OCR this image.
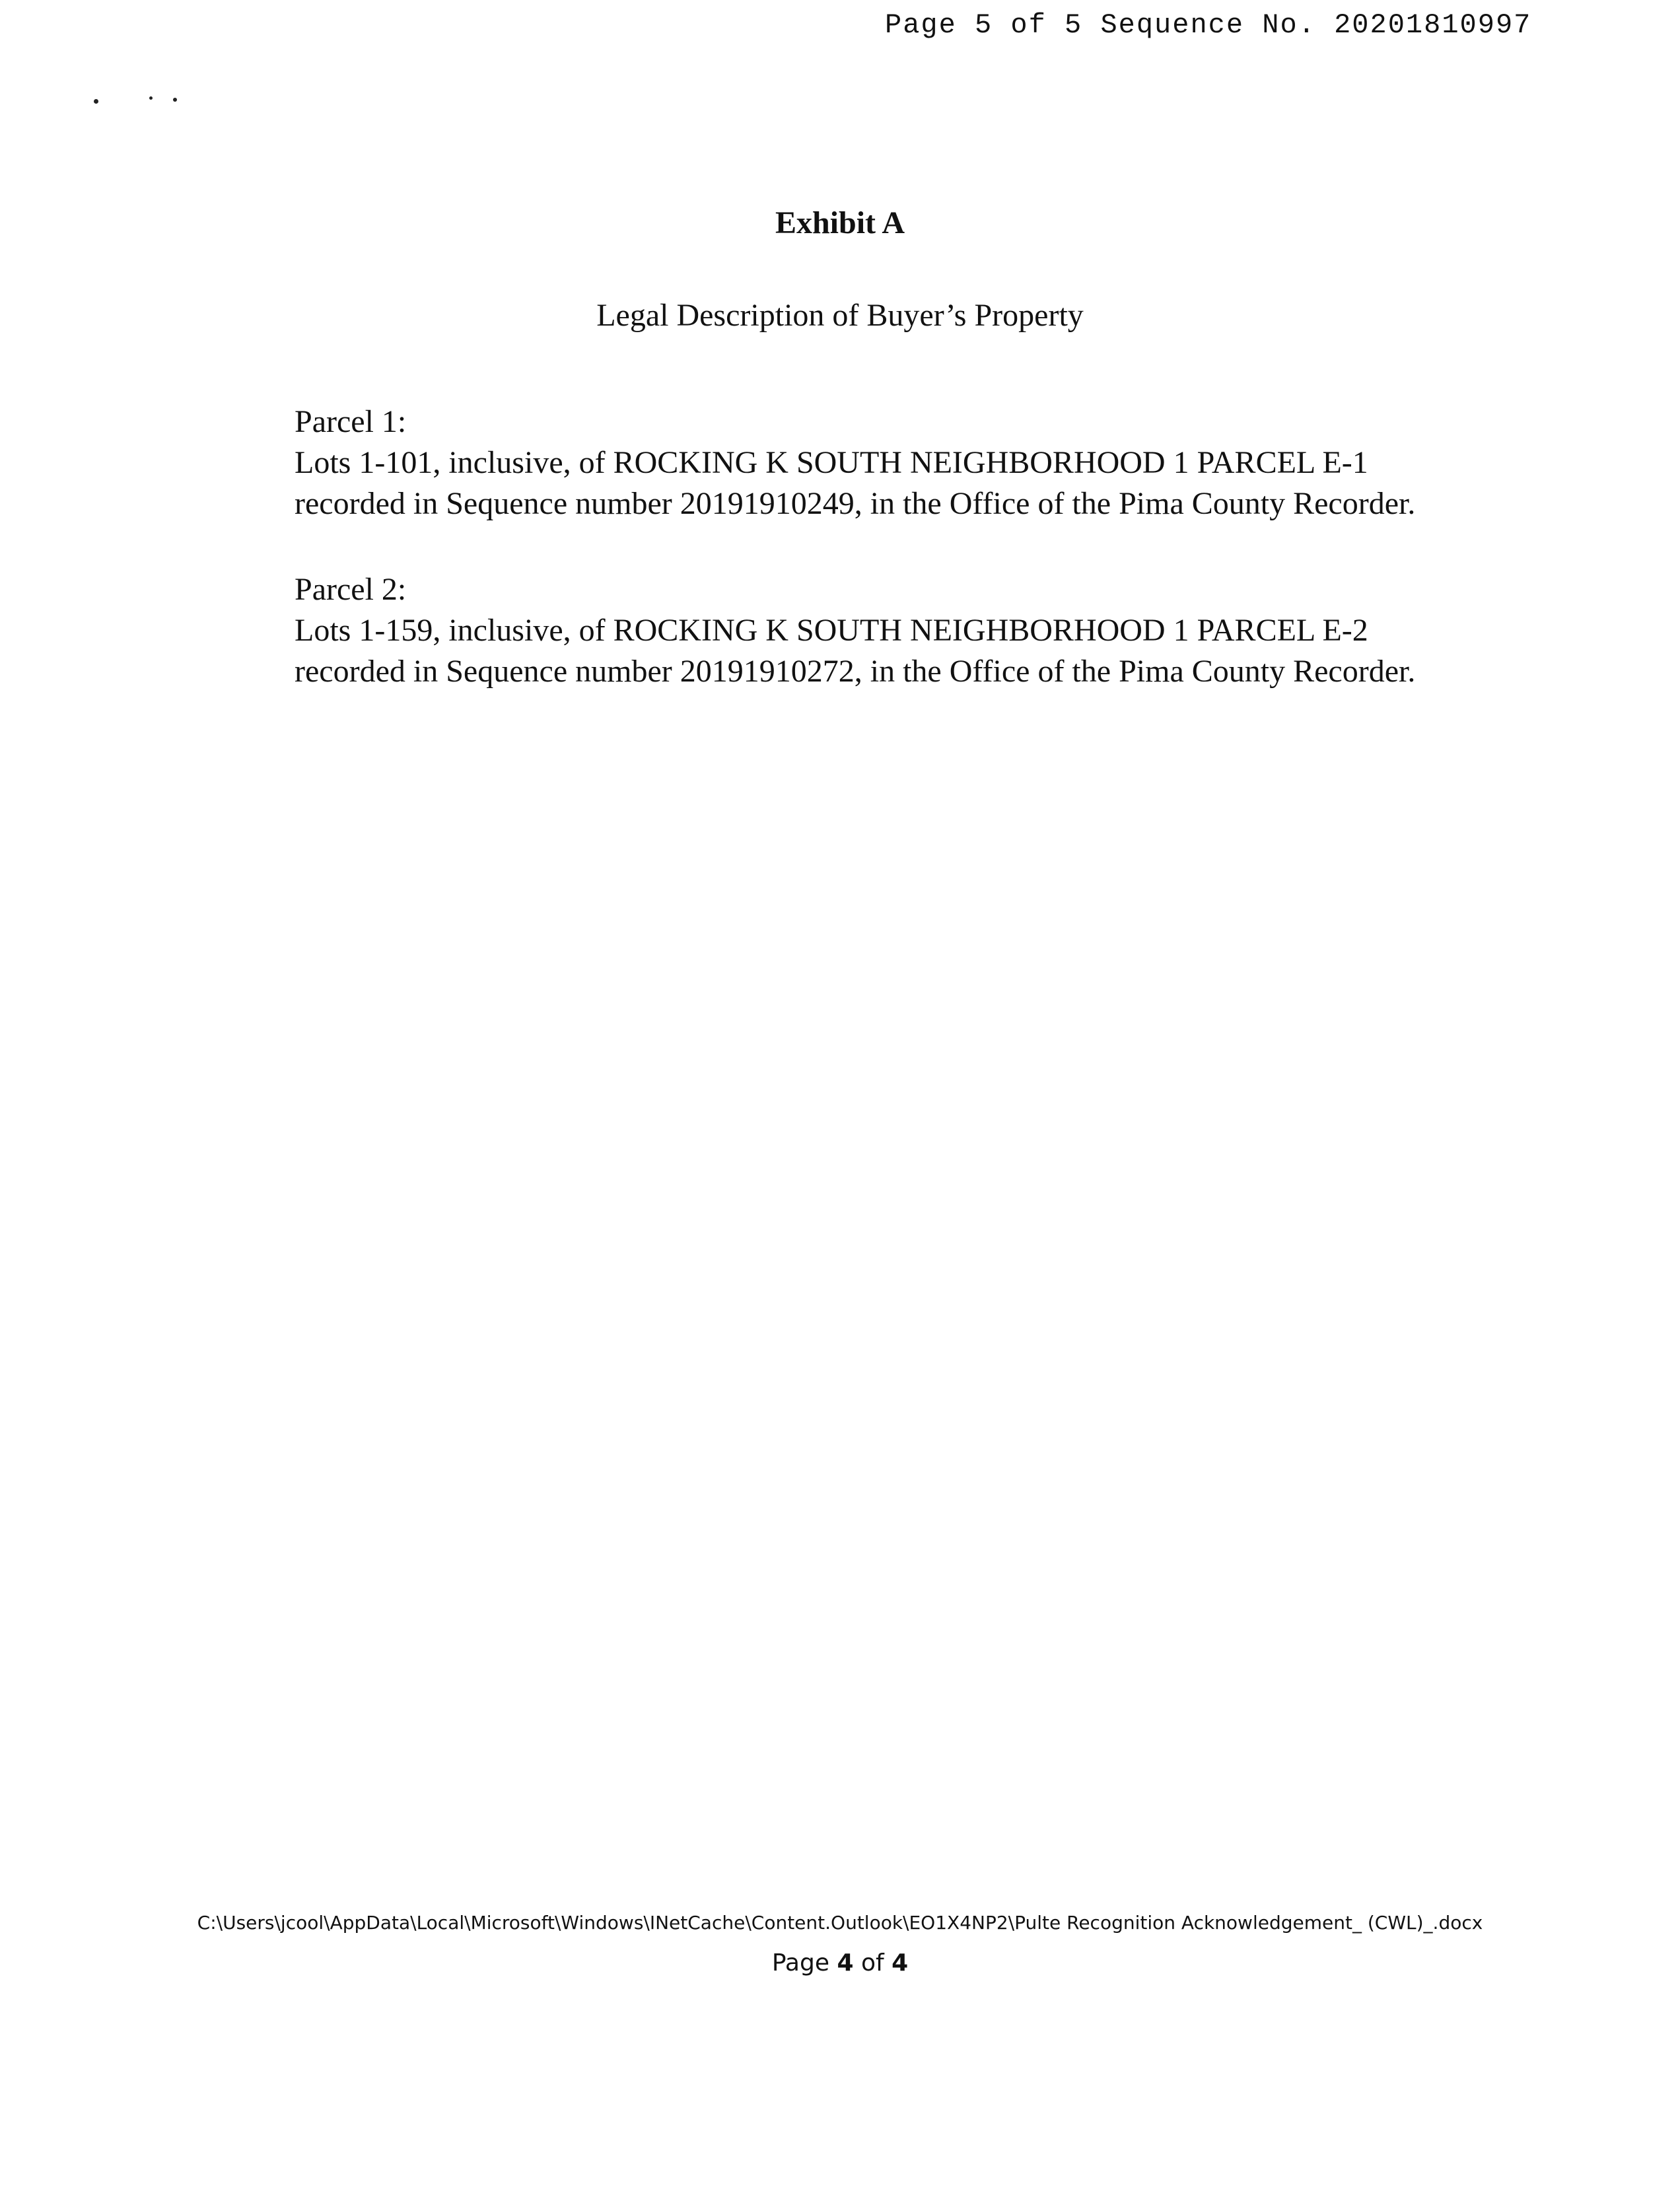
Page 5 of 5 Sequence No. 20201810997
Exhibit A
Legal Description of Buyer’s Property
Parcel 1:
Lots 1-101, inclusive, of ROCKING K SOUTH NEIGHBORHOOD 1 PARCEL E-1
recorded in Sequence number 20191910249, in the Office of the Pima County Recorder.
Parcel 2:
Lots 1-159, inclusive, of ROCKING K SOUTH NEIGHBORHOOD 1 PARCEL E-2
recorded in Sequence number 20191910272, in the Office of the Pima County Recorder.
C:\Users\jcool\AppData\Local\Microsoft\Windows\INetCache\Content.Outlook\EO1X4NP2\Pulte Recognition Acknowledgement_ (CWL)_.docx
Page 4 of 4
